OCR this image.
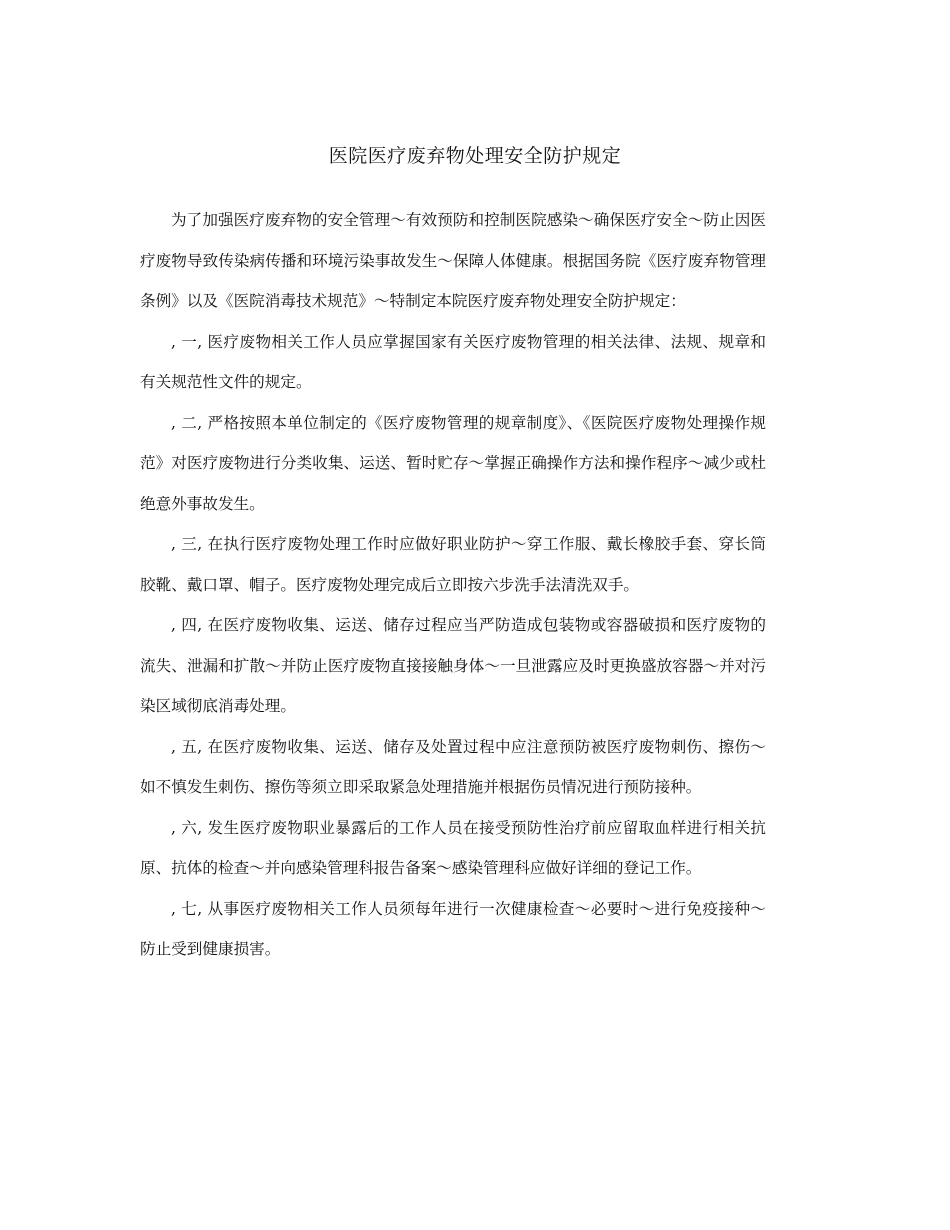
医院医疗废弃物处理安全防护规定

为了加强医疗废弃物的安全管理～有效预防和控制医院感染～确保医疗安全～防止因医疗废物导致传染病传播和环境污染事故发生～保障人体健康。根据国务院《医疗废弃物管理条例》以及《医院消毒技术规范》～特制定本院医疗废弃物处理安全防护规定：

, 一, 医疗废物相关工作人员应掌握国家有关医疗废物管理的相关法律、法规、规章和有关规范性文件的规定。

, 二, 严格按照本单位制定的《医疗废物管理的规章制度》、《医院医疗废物处理操作规范》对医疗废物进行分类收集、运送、暂时贮存～掌握正确操作方法和操作程序～减少或杜绝意外事故发生。

, 三, 在执行医疗废物处理工作时应做好职业防护～穿工作服、戴长橡胶手套、穿长筒胶靴、戴口罩、帽子。医疗废物处理完成后立即按六步洗手法清洗双手。

, 四, 在医疗废物收集、运送、储存过程应当严防造成包装物或容器破损和医疗废物的流失、泄漏和扩散～并防止医疗废物直接接触身体～一旦泄露应及时更换盛放容器～并对污染区域彻底消毒处理。

, 五, 在医疗废物收集、运送、储存及处置过程中应注意预防被医疗废物刺伤、擦伤～如不慎发生刺伤、擦伤等须立即采取紧急处理措施并根据伤员情况进行预防接种。

, 六, 发生医疗废物职业暴露后的工作人员在接受预防性治疗前应留取血样进行相关抗原、抗体的检查～并向感染管理科报告备案～感染管理科应做好详细的登记工作。

, 七, 从事医疗废物相关工作人员须每年进行一次健康检查～必要时～进行免疫接种～防止受到健康损害。
